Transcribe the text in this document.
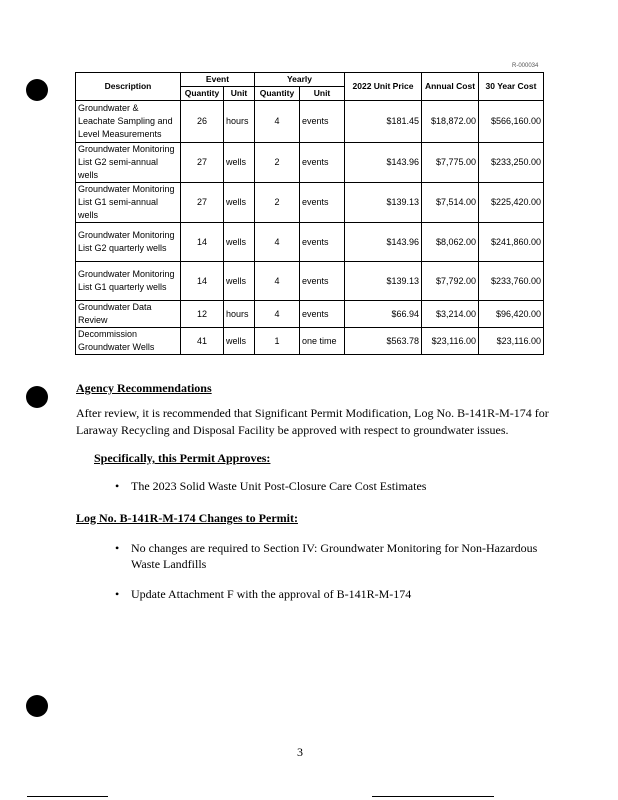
R-000034
Description	Event		Yearly		2022 Unit Price	Annual Cost	30 Year Cost
	Quantity	Unit	Quantity	Unit			
Groundwater & Leachate Sampling and Level Measurements	26	hours	4	events	$181.45	$18,872.00	$566,160.00
Groundwater Monitoring List G2 semi-annual wells	27	wells	2	events	$143.96	$7,775.00	$233,250.00
Groundwater Monitoring List G1 semi-annual wells	27	wells	2	events	$139.13	$7,514.00	$225,420.00
Groundwater Monitoring List G2 quarterly wells	14	wells	4	events	$143.96	$8,062.00	$241,860.00
Groundwater Monitoring List G1 quarterly wells	14	wells	4	events	$139.13	$7,792.00	$233,760.00
Groundwater Data Review	12	hours	4	events	$66.94	$3,214.00	$96,420.00
Decommission Groundwater Wells	41	wells	1	one time	$563.78	$23,116.00	$23,116.00
Agency Recommendations
After review, it is recommended that Significant Permit Modification, Log No. B-141R-M-174 for Laraway Recycling and Disposal Facility be approved with respect to groundwater issues.
Specifically, this Permit Approves:
• The 2023 Solid Waste Unit Post-Closure Care Cost Estimates
Log No. B-141R-M-174 Changes to Permit:
• No changes are required to Section IV: Groundwater Monitoring for Non-Hazardous Waste Landfills
• Update Attachment F with the approval of B-141R-M-174
3
